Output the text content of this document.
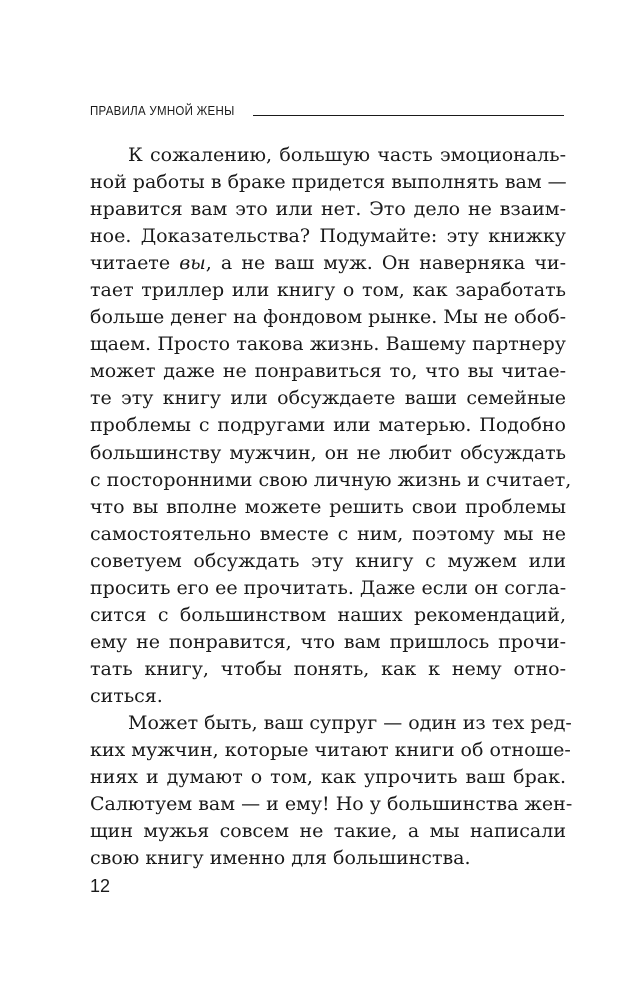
ПРАВИЛА УМНОЙ ЖЕНЫ
К сожалению, большую часть эмоциональ-
ной работы в браке придется выполнять вам —
нравится вам это или нет. Это дело не взаим-
ное. Доказательства? Подумайте: эту книжку
читаете вы, а не ваш муж. Он наверняка чи-
тает триллер или книгу о том, как заработать
больше денег на фондовом рынке. Мы не обоб-
щаем. Просто такова жизнь. Вашему партнеру
может даже не понравиться то, что вы читае-
те эту книгу или обсуждаете ваши семейные
проблемы с подругами или матерью. Подобно
большинству мужчин, он не любит обсуждать
с посторонними свою личную жизнь и считает,
что вы вполне можете решить свои проблемы
самостоятельно вместе с ним, поэтому мы не
советуем обсуждать эту книгу с мужем или
просить его ее прочитать. Даже если он согла-
сится с большинством наших рекомендаций,
ему не понравится, что вам пришлось прочи-
тать книгу, чтобы понять, как к нему отно-
ситься.
Может быть, ваш супруг — один из тех ред-
ких мужчин, которые читают книги об отноше-
ниях и думают о том, как упрочить ваш брак.
Салютуем вам — и ему! Но у большинства жен-
щин мужья совсем не такие, а мы написали
свою книгу именно для большинства.
12
